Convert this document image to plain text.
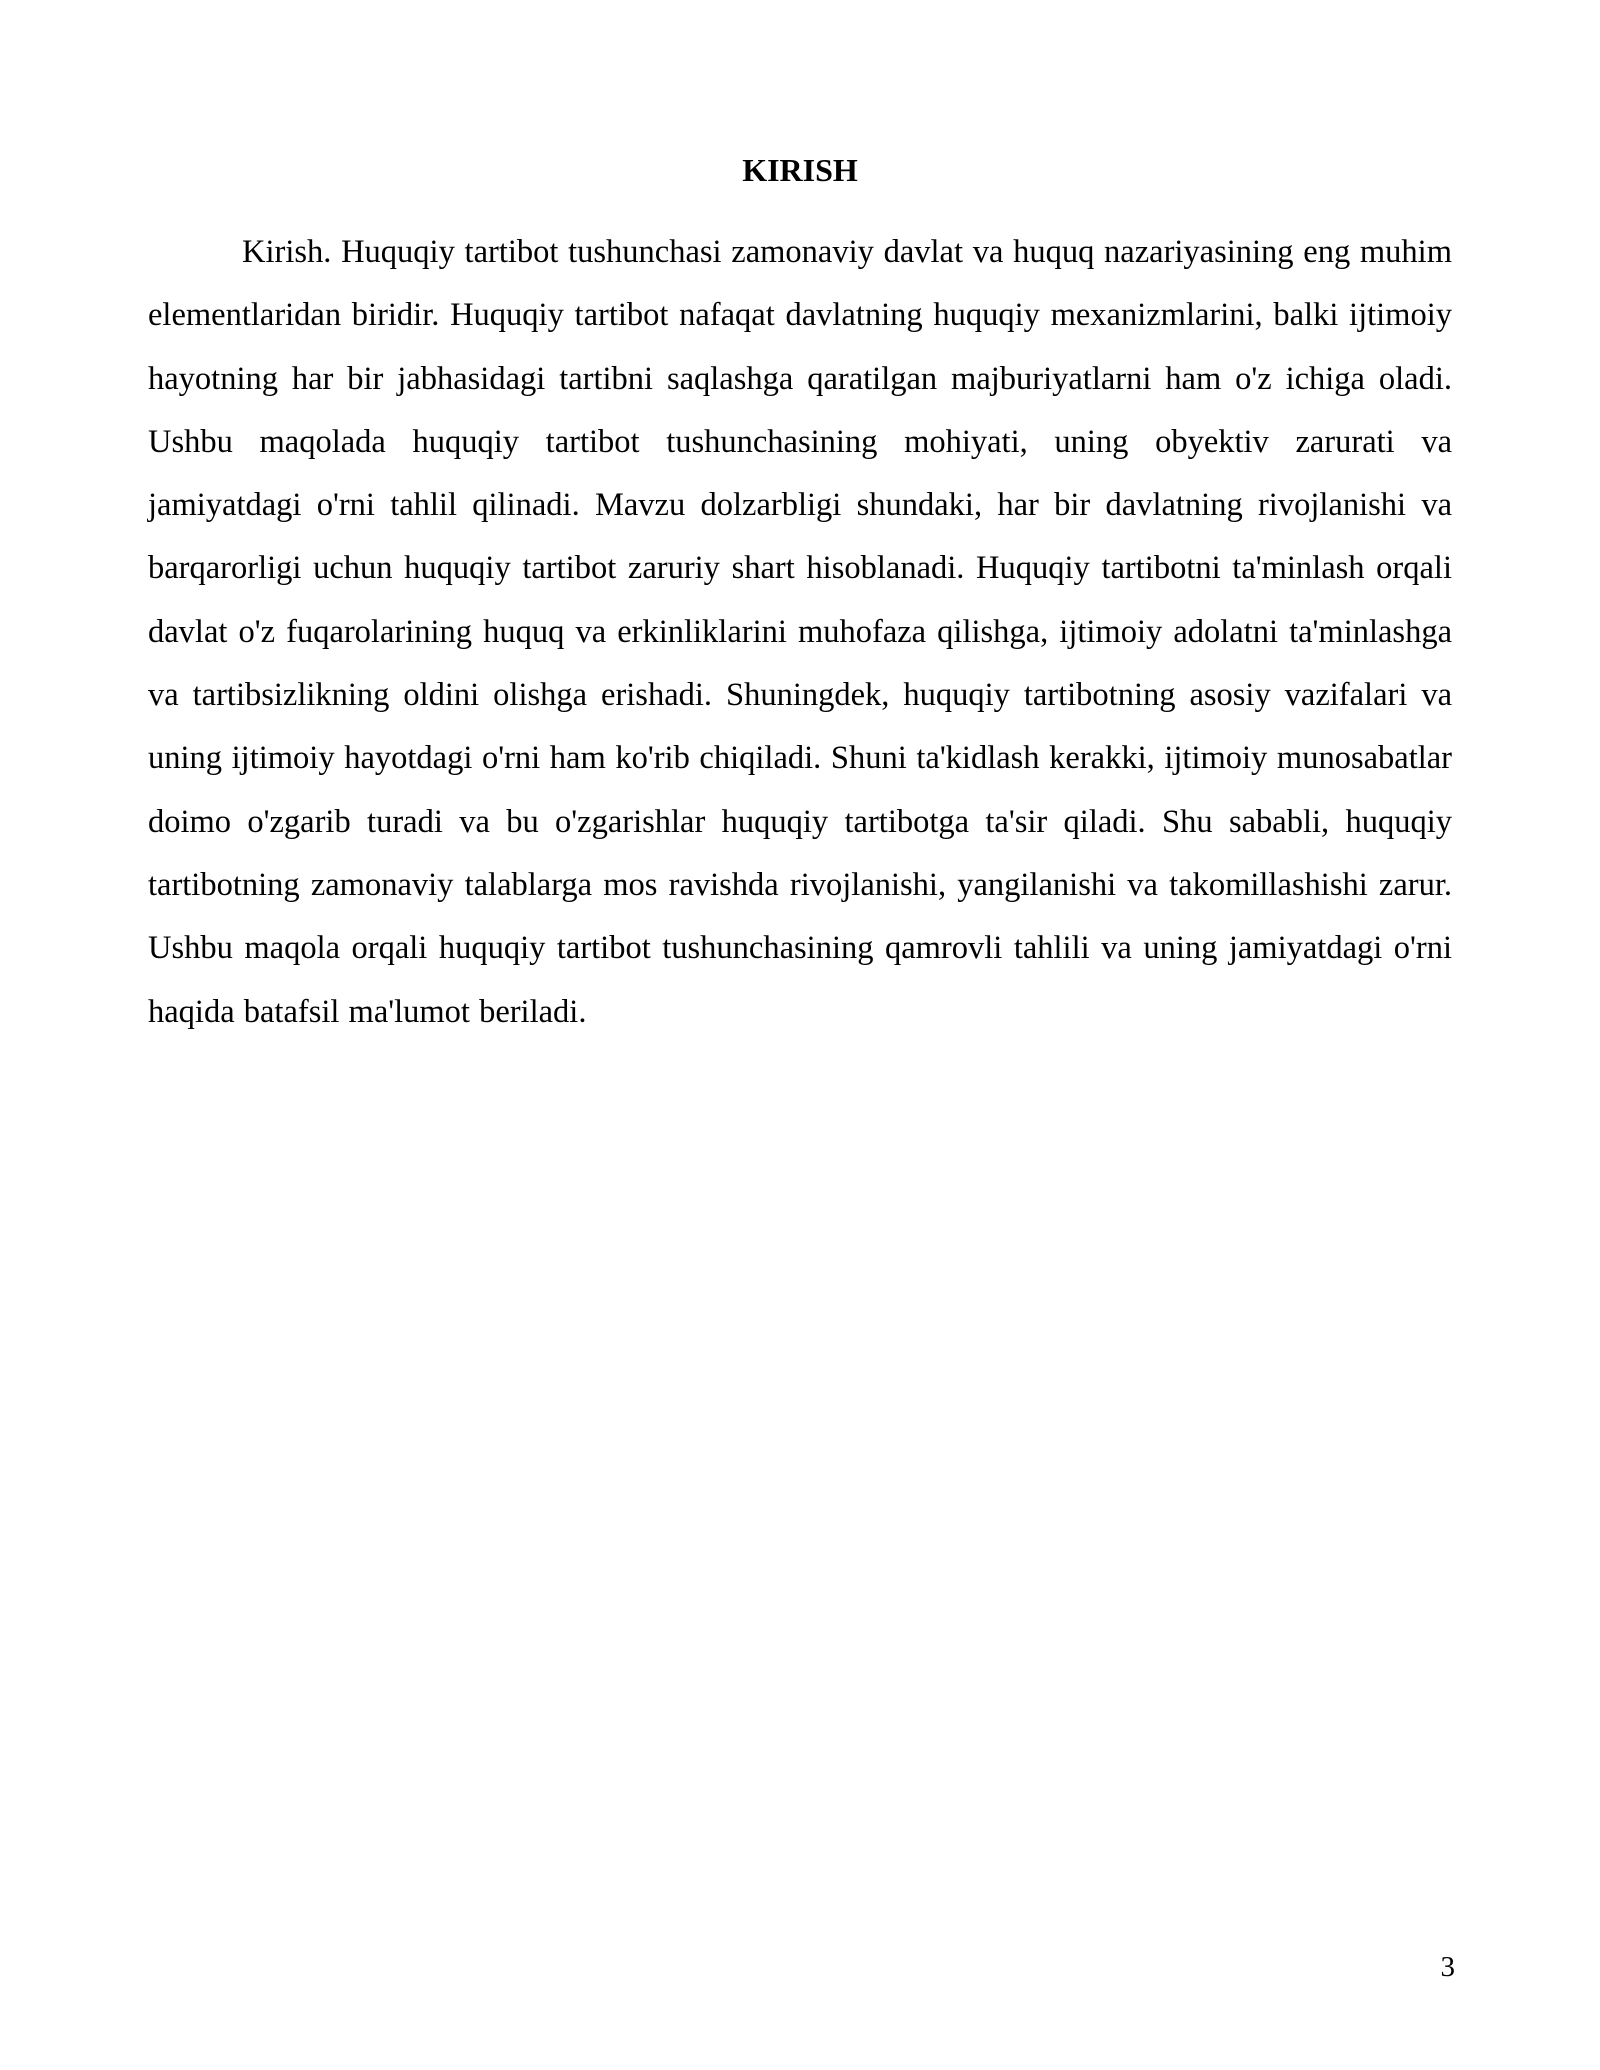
KIRISH

Kirish. Huquqiy tartibot tushunchasi zamonaviy davlat va huquq nazariyasining eng muhim elementlaridan biridir. Huquqiy tartibot nafaqat davlatning huquqiy mexanizmlarini, balki ijtimoiy hayotning har bir jabhasidagi tartibni saqlashga qaratilgan majburiyatlarni ham o'z ichiga oladi. Ushbu maqolada huquqiy tartibot tushunchasining mohiyati, uning obyektiv zarurati va jamiyatdagi o'rni tahlil qilinadi. Mavzu dolzarbligi shundaki, har bir davlatning rivojlanishi va barqarorligi uchun huquqiy tartibot zaruriy shart hisoblanadi. Huquqiy tartibotni ta'minlash orqali davlat o'z fuqarolarining huquq va erkinliklarini muhofaza qilishga, ijtimoiy adolatni ta'minlashga va tartibsizlikning oldini olishga erishadi. Shuningdek, huquqiy tartibotning asosiy vazifalari va uning ijtimoiy hayotdagi o'rni ham ko'rib chiqiladi. Shuni ta'kidlash kerakki, ijtimoiy munosabatlar doimo o'zgarib turadi va bu o'zgarishlar huquqiy tartibotga ta'sir qiladi. Shu sababli, huquqiy tartibotning zamonaviy talablarga mos ravishda rivojlanishi, yangilanishi va takomillashishi zarur. Ushbu maqola orqali huquqiy tartibot tushunchasining qamrovli tahlili va uning jamiyatdagi o'rni haqida batafsil ma'lumot beriladi.

3
